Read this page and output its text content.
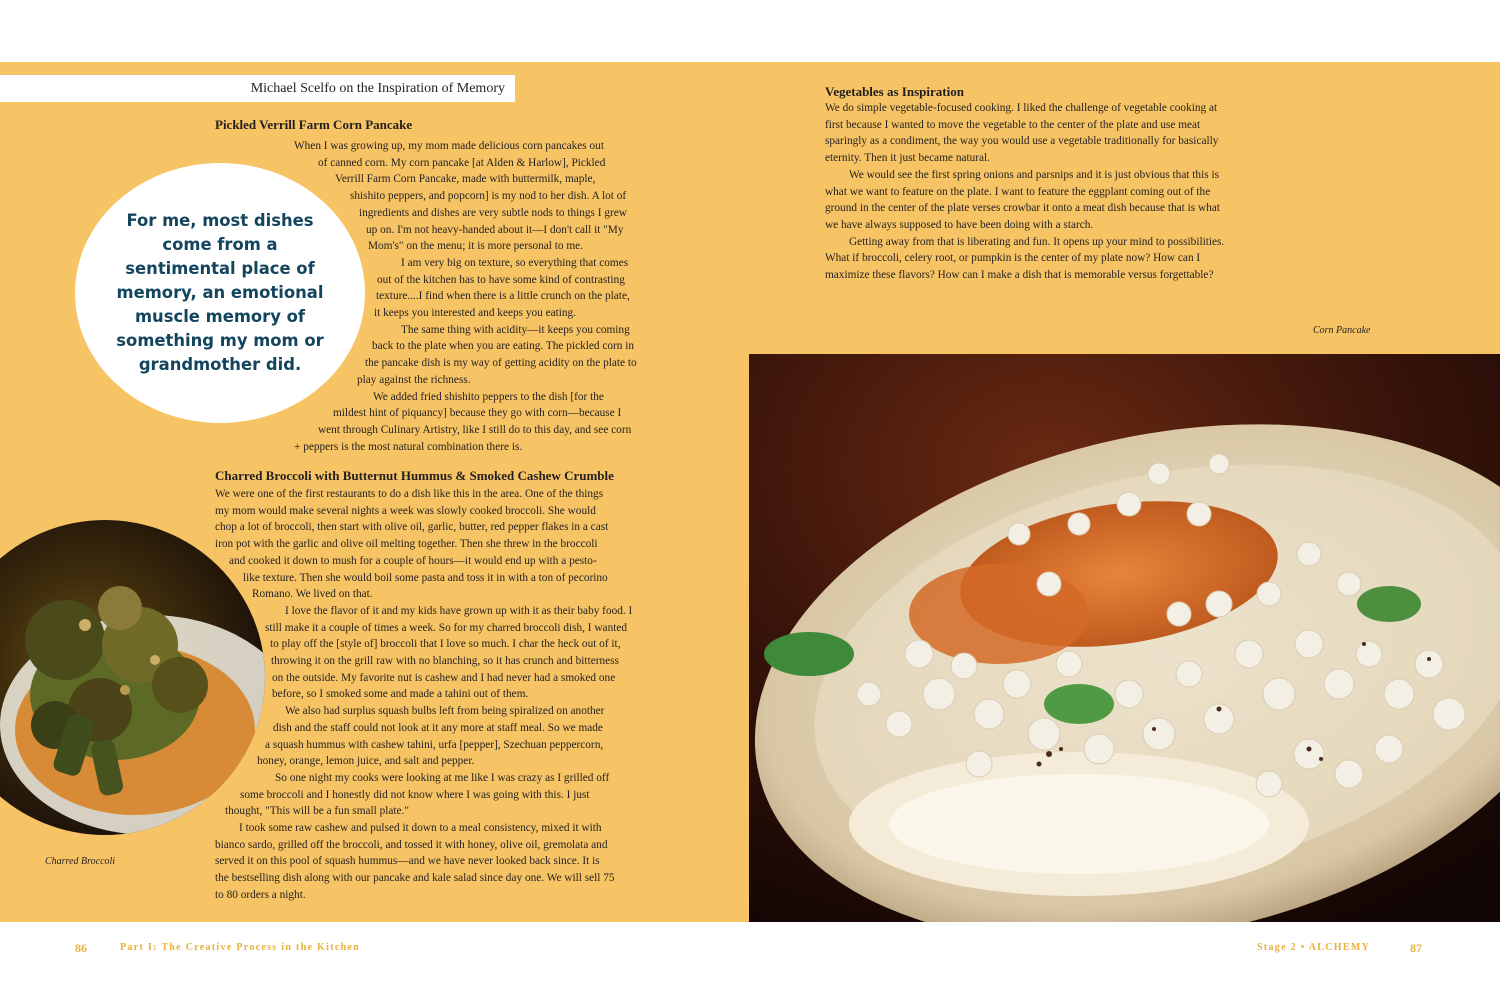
Michael Scelfo on the Inspiration of Memory
Pickled Verrill Farm Corn Pancake

When I was growing up, my mom made delicious corn pancakes out

of canned corn. My corn pancake [at Alden & Harlow], Pickled

Verrill Farm Corn Pancake, made with buttermilk, maple,

shishito peppers, and popcorn] is my nod to her dish. A lot of

ingredients and dishes are very subtle nods to things I grew

up on. I'm not heavy-handed about it—I don't call it "My

Mom's" on the menu; it is more personal to me.

I am very big on texture, so everything that comes

out of the kitchen has to have some kind of contrasting

texture....I find when there is a little crunch on the plate,

it keeps you interested and keeps you eating.

The same thing with acidity—it keeps you coming

back to the plate when you are eating. The pickled corn in

the pancake dish is my way of getting acidity on the plate to

play against the richness.

We added fried shishito peppers to the dish [for the

mildest hint of piquancy] because they go with corn—because I

went through Culinary Artistry, like I still do to this day, and see corn

+ peppers is the most natural combination there is.

For me, most dishes come from a sentimental place of memory, an emotional muscle memory of something my mom or grandmother did.

Charred Broccoli with Butternut Hummus & Smoked Cashew Crumble

We were one of the first restaurants to do a dish like this in the area. One of the things

my mom would make several nights a week was slowly cooked broccoli. She would

chop a lot of broccoli, then start with olive oil, garlic, butter, red pepper flakes in a cast

iron pot with the garlic and olive oil melting together. Then she threw in the broccoli

and cooked it down to mush for a couple of hours—it would end up with a pesto-

like texture. Then she would boil some pasta and toss it in with a ton of pecorino

Romano. We lived on that.

I love the flavor of it and my kids have grown up with it as their baby food. I

still make it a couple of times a week. So for my charred broccoli dish, I wanted

to play off the [style of] broccoli that I love so much. I char the heck out of it,

throwing it on the grill raw with no blanching, so it has crunch and bitterness

on the outside. My favorite nut is cashew and I had never had a smoked one

before, so I smoked some and made a tahini out of them.

We also had surplus squash bulbs left from being spiralized on another

dish and the staff could not look at it any more at staff meal. So we made

a squash hummus with cashew tahini, urfa [pepper], Szechuan peppercorn,

honey, orange, lemon juice, and salt and pepper.

So one night my cooks were looking at me like I was crazy as I grilled off

some broccoli and I honestly did not know where I was going with this. I just

thought, "This will be a fun small plate."

I took some raw cashew and pulsed it down to a meal consistency, mixed it with

bianco sardo, grilled off the broccoli, and tossed it with honey, olive oil, gremolata and

served it on this pool of squash hummus—and we have never looked back since. It is

the bestselling dish along with our pancake and kale salad since day one. We will sell 75

to 80 orders a night.

Charred Broccoli
86	Part I: The Creative Process in the Kitchen
Vegetables as Inspiration

We do simple vegetable-focused cooking. I liked the challenge of vegetable cooking at

first because I wanted to move the vegetable to the center of the plate and use meat

sparingly as a condiment, the way you would use a vegetable traditionally for basically

eternity. Then it just became natural.

We would see the first spring onions and parsnips and it is just obvious that this is

what we want to feature on the plate. I want to feature the eggplant coming out of the

ground in the center of the plate verses crowbar it onto a meat dish because that is what

we have always supposed to have been doing with a starch.

Getting away from that is liberating and fun. It opens up your mind to possibilities.

What if broccoli, celery root, or pumpkin is the center of my plate now? How can I

maximize these flavors? How can I make a dish that is memorable versus forgettable?

Corn Pancake
Stage 2 • ALCHEMY	87
